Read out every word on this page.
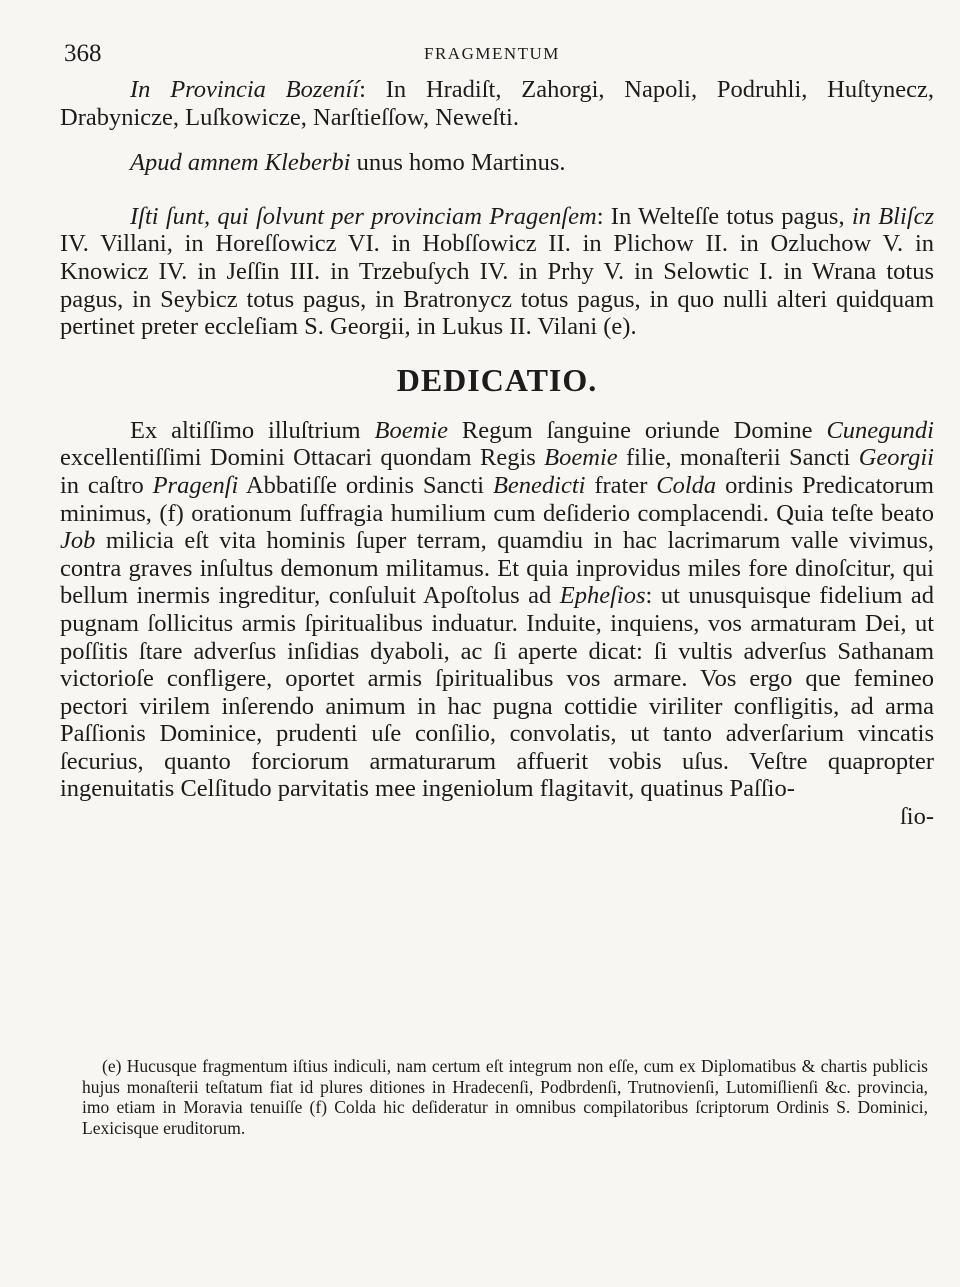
368	FRAGMENTUM

In Provincia Bozeníí: In Hradiſt, Zahorgi, Napoli, Podruhli, Huſtynecz, Drabynicze, Luſkowicze, Narſtieſſow, Neweſti.

Apud amnem Kleberbi unus homo Martinus.

Iſti ſunt, qui ſolvunt per provinciam Pragenſem: In Welteſſe totus pagus, in Bliſcz IV. Villani, in Horeſſowicz VI. in Hobſſowicz II. in Plichow II. in Ozluchow V. in Knowicz IV. in Jeſſin III. in Trzebuſych IV. in Prhy V. in Selowtic I. in Wrana totus pagus, in Seybicz totus pagus, in Bratronycz totus pagus, in quo nulli alteri quidquam pertinet preter eccleſiam S. Georgii, in Lukus II. Vilani (e).

DEDICATIO.

Ex altiſſimo illuſtrium Boemie Regum ſanguine oriunde Domine Cunegundi excellentiſſimi Domini Ottacari quondam Regis Boemie filie, monaſterii Sancti Georgii in caſtro Pragenſi Abbatiſſe ordinis Sancti Benedicti frater Colda ordinis Predicatorum minimus, (f) orationum ſuffragia humilium cum deſiderio complacendi. Quia teſte beato Job milicia eſt vita hominis ſuper terram, quamdiu in hac lacrimarum valle vivimus, contra graves inſultus demonum militamus. Et quia inprovidus miles fore dinoſcitur, qui bellum inermis ingreditur, conſuluit Apoſtolus ad Epheſios: ut unusquisque fidelium ad pugnam ſollicitus armis ſpiritualibus induatur. Induite, inquiens, vos armaturam Dei, ut poſſitis ſtare adverſus inſidias dyaboli, ac ſi aperte dicat: ſi vultis adverſus Sathanam victorioſe confligere, oportet armis ſpiritualibus vos armare. Vos ergo que femineo pectori virilem inſerendo animum in hac pugna cottidie viriliter confligitis, ad arma Paſſionis Dominice, prudenti uſe conſilio, convolatis, ut tanto adverſarium vincatis ſecurius, quanto forciorum armaturarum affuerit vobis uſus. Veſtre quapropter ingenuitatis Celſitudo parvitatis mee ingeniolum flagitavit, quatinus Paſſio-

ſio-

(e) Hucusque fragmentum iſtius indiculi, nam certum eſt integrum non eſſe, cum ex Diplomatibus & chartis publicis hujus monaſterii teſtatum fiat id plures ditiones in Hradecenſi, Podbrdenſi, Trutnovienſi, Lutomiſlienſi &c. provincia, imo etiam in Moravia tenuiſſe (f) Colda hic deſideratur in omnibus compilatoribus ſcriptorum Ordinis S. Dominici, Lexicisque eruditorum.
